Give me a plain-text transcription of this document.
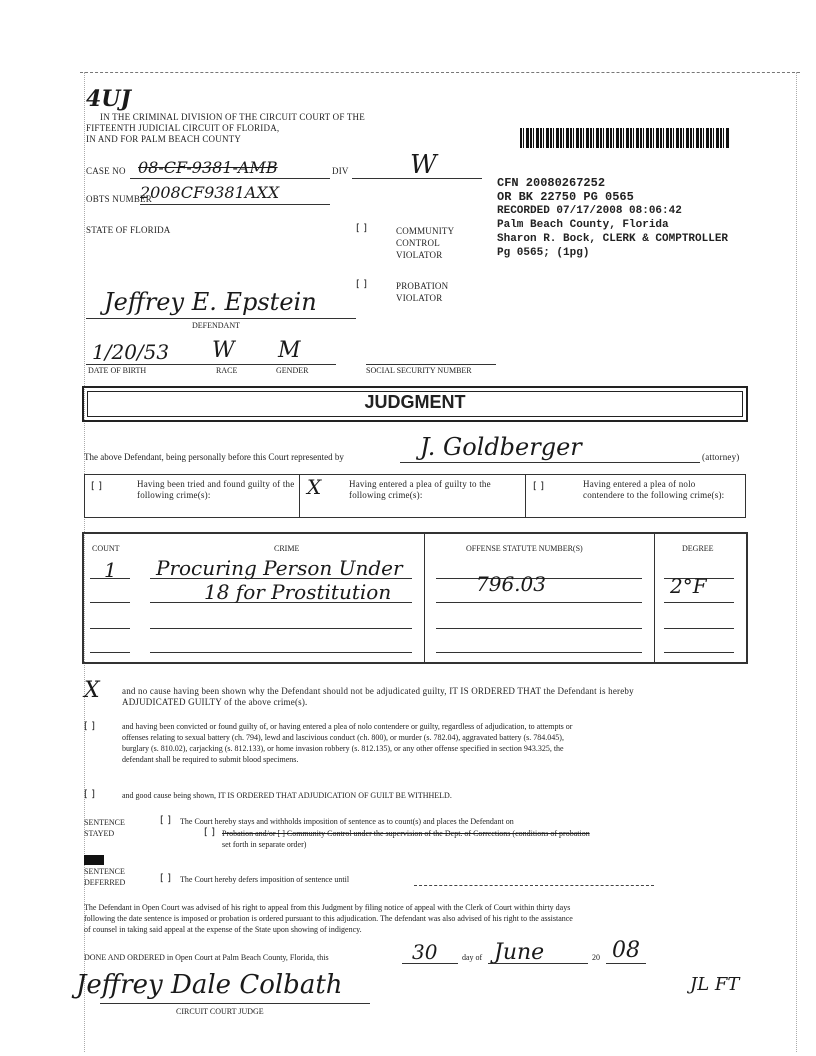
4UJ
IN THE CRIMINAL DIVISION OF THE CIRCUIT COURT OF THE
FIFTEENTH JUDICIAL CIRCUIT OF FLORIDA,
IN AND FOR PALM BEACH COUNTY
CASE NO 08-CF-9381-AMB	DIV W
OBTS NUMBER
2008CF9381AXX	CFN 20080267252
OR BK 22750 PG 0565
RECORDED 07/17/2008 08:06:42
Palm Beach County, Florida
Sharon R. Bock, CLERK & COMPTROLLER
Pg 0565; (1pg)
STATE OF FLORIDA	[ ]	COMMUNITY CONTROL VIOLATOR
[ ]	PROBATION VIOLATOR
Jeffrey E. Epstein
DEFENDANT
1/20/53 W M
DATE OF BIRTH	RACE	GENDER	SOCIAL SECURITY NUMBER
JUDGMENT
The above Defendant, being personally before this Court represented by	J. Goldberger	(attorney)
[ ]	Having been tried and found guilty of the following crime(s):	X	Having entered a plea of guilty to the following crime(s):
[ ]	Having entered a plea of nolo contendere to the following crime(s):
COUNT	CRIME	OFFENSE STATUTE NUMBER(S)	DEGREE
1 Procuring Person Under
18 for Prostitution	796.03	2°F
X and no cause having been shown why the Defendant should not be adjudicated guilty, IT IS ORDERED THAT the Defendant is hereby
ADJUDICATED GUILTY of the above crime(s).
[ ]	and having been convicted or found guilty of, or having entered a plea of nolo contendere or guilty, regardless of adjudication, to attempts or
offenses relating to sexual battery (ch. 794), lewd and lascivious conduct (ch. 800), or murder (s. 782.04), aggravated battery (s. 784.045),
burglary (s. 810.02), carjacking (s. 812.133), or home invasion robbery (s. 812.135), or any other offense specified in section 943.325, the
defendant shall be required to submit blood specimens.
[ ]	and good cause being shown, IT IS ORDERED THAT ADJUDICATION OF GUILT BE WITHHELD.
SENTENCE STAYED
[ ] The Court hereby stays and withholds imposition of sentence as to count(s) and places the Defendant on
[ ] Probation and/or [ ] Community Control under the supervision of the Dept. of Corrections (conditions of probation
set forth in separate order)
SENTENCE DEFERRED	[ ] The Court hereby defers imposition of sentence until
The Defendant in Open Court was advised of his right to appeal from this Judgment by filing notice of appeal with the Clerk of Court within thirty days
following the date sentence is imposed or probation is ordered pursuant to this adjudication. The defendant was also advised of his right to the assistance
of counsel in taking said appeal at the expense of the State upon showing of indigency.
DONE AND ORDERED in Open Court at Palm Beach County, Florida, this	30	day of June	20 08
Jeffrey Dale Colbath
CIRCUIT COURT JUDGE
JL FT
